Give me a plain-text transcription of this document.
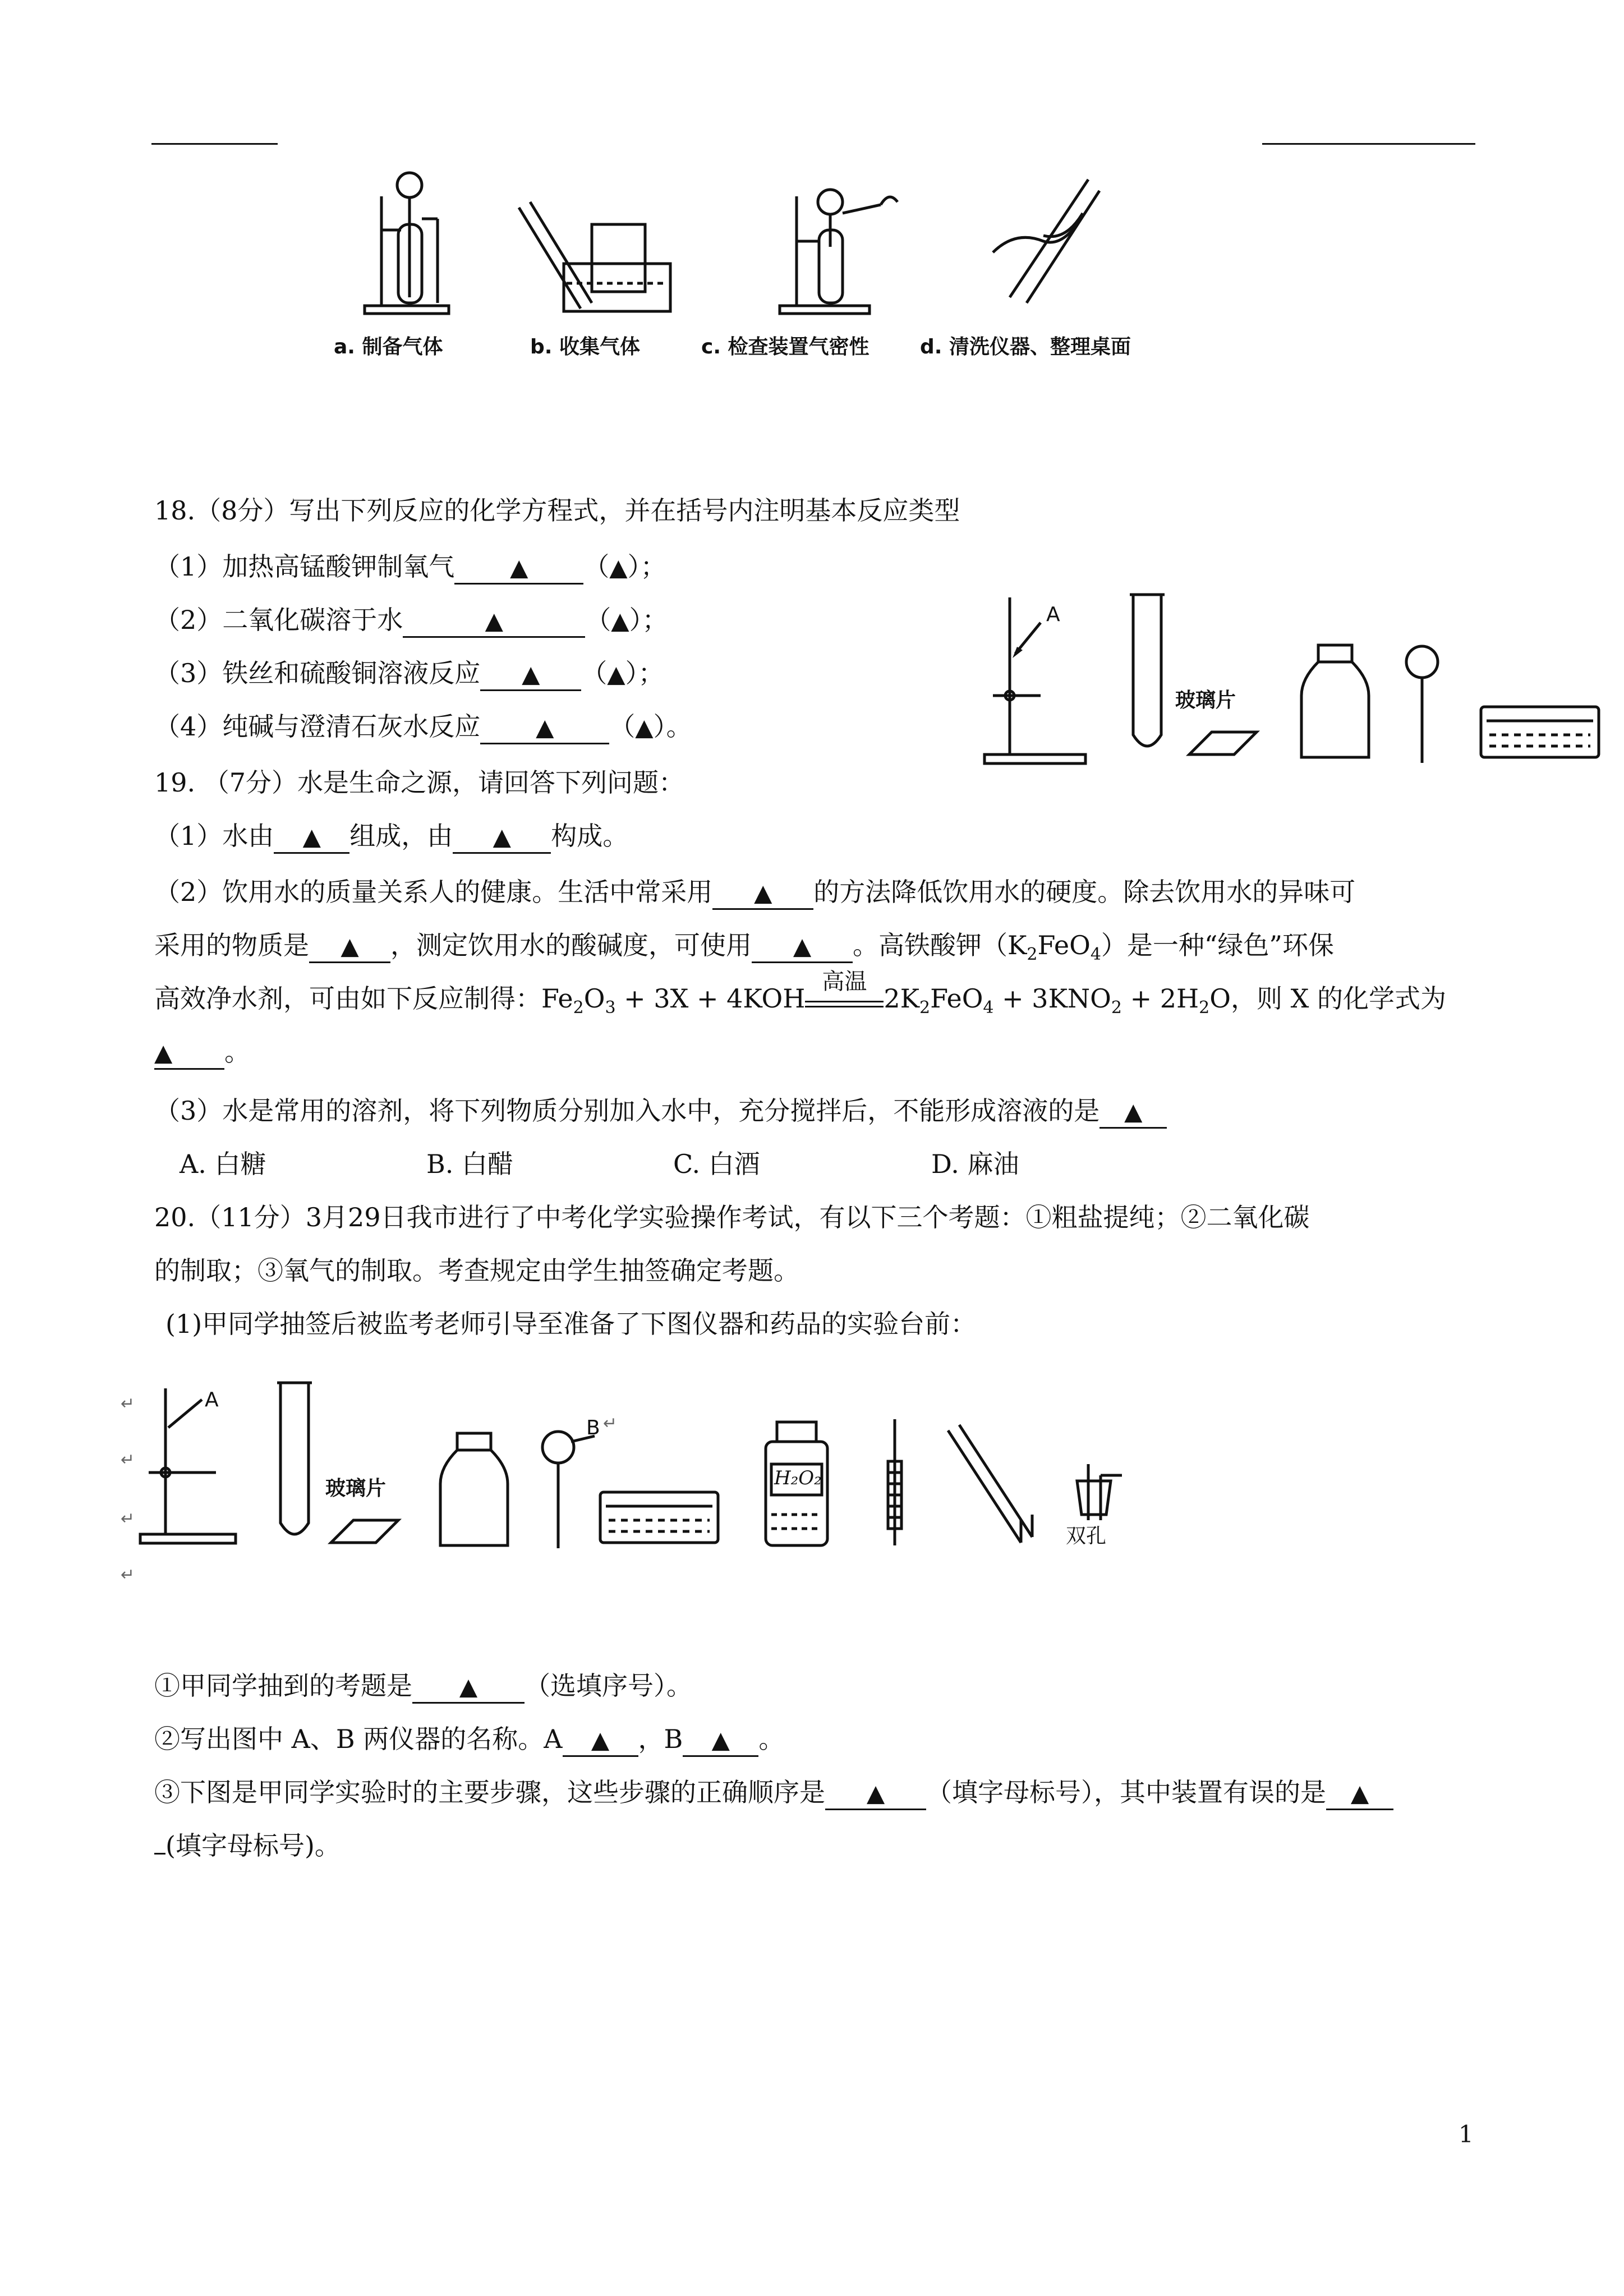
a. 制备气体	b. 收集气体	c. 检查装置气密性	d. 清洗仪器、整理桌面
18.（8分）写出下列反应的化学方程式，并在括号内注明基本反应类型
（1）加热高锰酸钾制氧气 ▲ （▲）；
（2）二氧化碳溶于水	▲	（▲）；
（3）铁丝和硫酸铜溶液反应 ▲ （▲）；
（4）纯碱与澄清石灰水反应 ▲ （▲）。
A
玻璃片
19. （7分）水是生命之源，请回答下列问题：
（1）水由 ▲ 组成，由 ▲ 构成。
（2）饮用水的质量关系人的健康。生活中常采用 ▲ 的方法降低饮用水的硬度。除去饮用水的异味可
采用的物质是 ▲ ，测定饮用水的酸碱度，可使用 ▲ 。高铁酸钾$(K_2FeO_4)$是一种“绿色”环保
高效净水剂，可由如下反应制得：$Fe_2O_3 + 3X + 4KOH$
高温
$2K_2FeO_4 + 3KNO_2 + 2H_2O$，则 X 的化学式为
▲ 。
（3）水是常用的溶剂，将下列物质分别加入水中，充分搅拌后，不能形成溶液的是 ▲
A. 白糖	B. 白醋	C. 白酒	D. 麻油
20.（11分）3月29日我市进行了中考化学实验操作考试，有以下三个考题：①粗盐提纯；②二氧化碳
的制取；③氧气的制取。考查规定由学生抽签确定考题。
(1)甲同学抽签后被监考老师引导至准备了下图仪器和药品的实验台前：
↵
↵
↵
↵
A
玻璃片
B ↵
H₂O₂
双孔
①甲同学抽到的考题是 ▲ （选填序号）。
②写出图中 A、B 两仪器的名称。A ▲ ，B ▲ 。
③下图是甲同学实验时的主要步骤，这些步骤的正确顺序是 ▲ （填字母标号），其中装置有误的是 ▲
(填字母标号)。
1
